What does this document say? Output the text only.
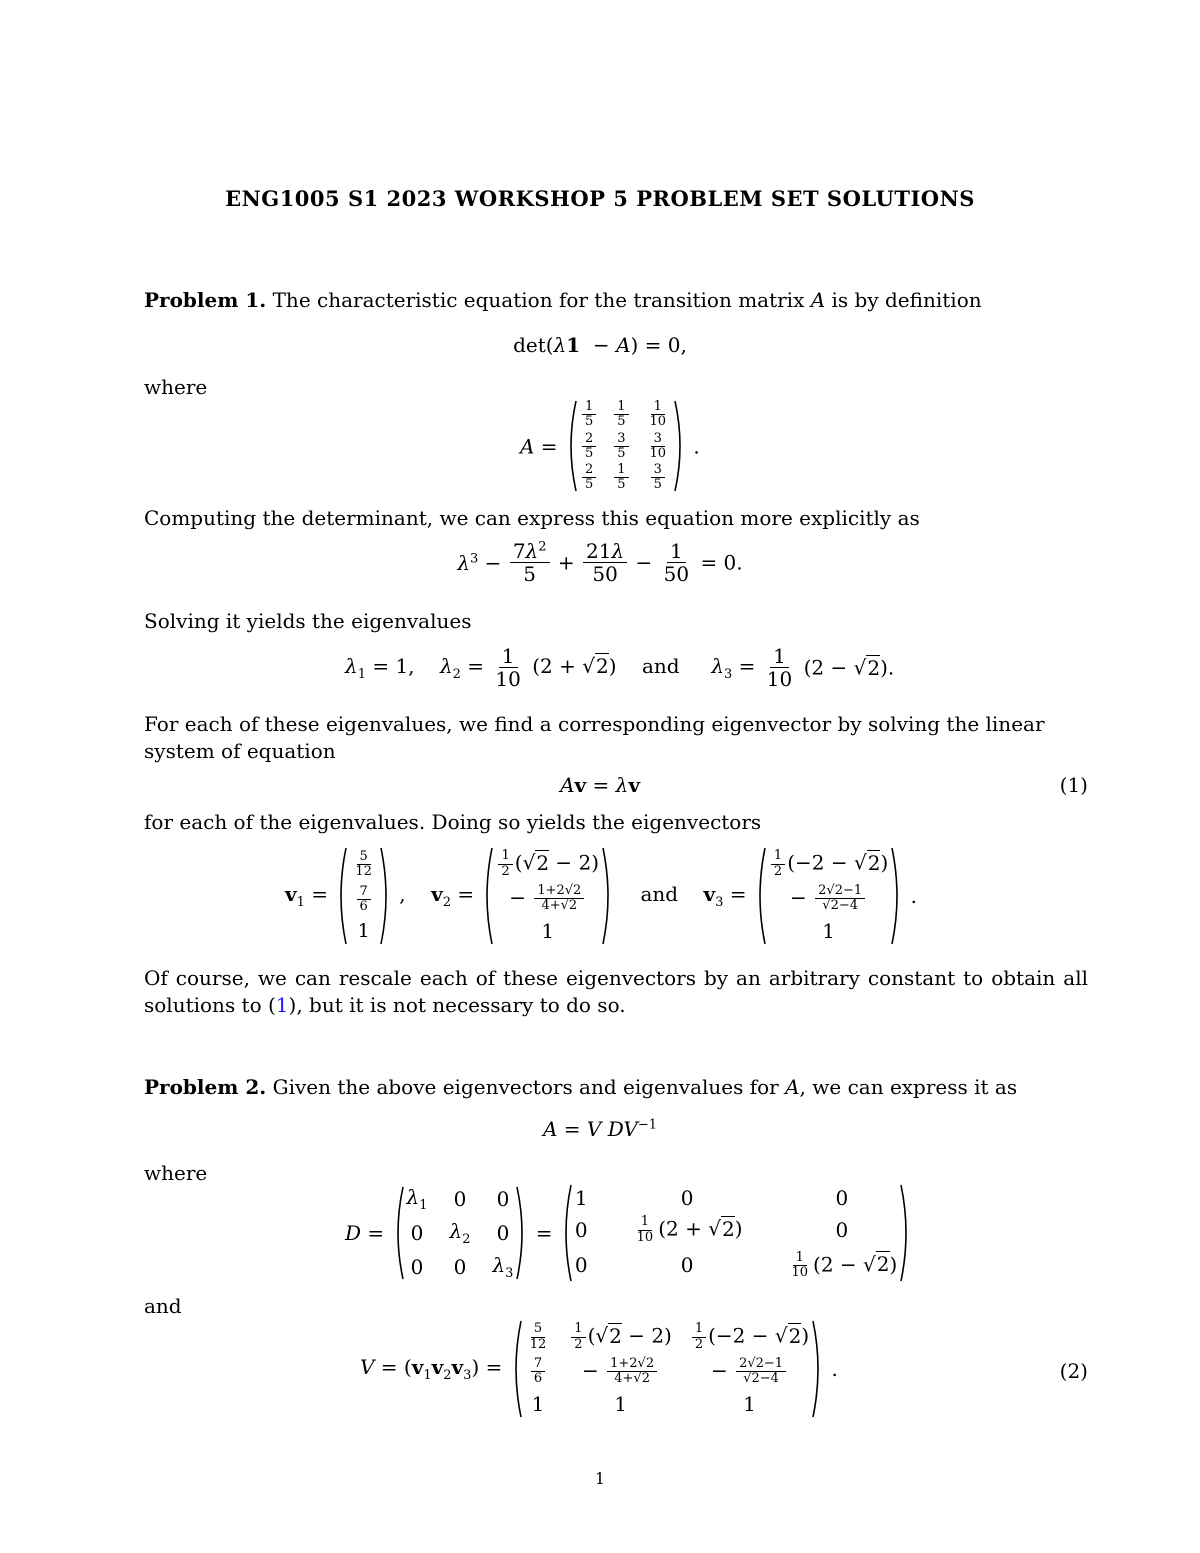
ENG1005 S1 2023 WORKSHOP 5 PROBLEM SET SOLUTIONS
Problem 1. The characteristic equation for the transition matrix A is by definition
det(λ1  − A) = 0,
where
A =
$\frac{1}{5} \frac{1}{5} \frac{1}{10}$
$\frac{2}{5} \frac{3}{5} \frac{3}{10}$
$\frac{2}{5} \frac{1}{5} \frac{3}{5}$
.
Computing the determinant, we can express this equation more explicitly as
$\lambda^3 - \frac{7\lambda^2}{5} + \frac{21\lambda}{50} - \frac{1}{50} = 0$.
Solving it yields the eigenvalues
$\lambda_1 = 1$,    $\lambda_2 = \frac{1}{10} (2 + √2)$    and $\lambda_3 = \frac{1}{10} (2 - √2)$.
For each of these eigenvalues, we find a corresponding eigenvector by solving the linear system of equation
Av = λv	(1)
for each of the eigenvalues. Doing so yields the eigenvectors
$v_1$ =
$\frac{5}{12}$
$\frac{7}{6}$
1
,    $v_2$ =
$\frac{1}{2} (√2 - 2)$
− $\frac{1+2√2}{4+√2}$
1
and $v_3$ =
$\frac{1}{2} (-2 - √2)$
− $\frac{2√2-1}{√2-4}$
1
.
Of course, we can rescale each of these eigenvectors by an arbitrary constant to obtain all solutions to (1), but it is not necessary to do so.
Problem 2. Given the above eigenvectors and eigenvalues for A, we can express it as
A = V $DV^{-1}$
where
D =
$\lambda_1$ 0 0
0 $\lambda_2$ 0
0 0 $\lambda_3$
=
1	0	0
0	$\frac{1}{10} (2 + √2)$	0
0	0	$\frac{1}{10} (2 - √2)$
and
$V = (v_1v_2v_3)$ =
$\frac{5}{12} \frac{1}{2} (√2 - 2) \frac{1}{2} (-2 - √2)$
$\frac{7}{6} - \frac{1+2√2}{4+√2}$	− $\frac{2√2-1}{√2-4}$
1	1	1
.	(2)
1
